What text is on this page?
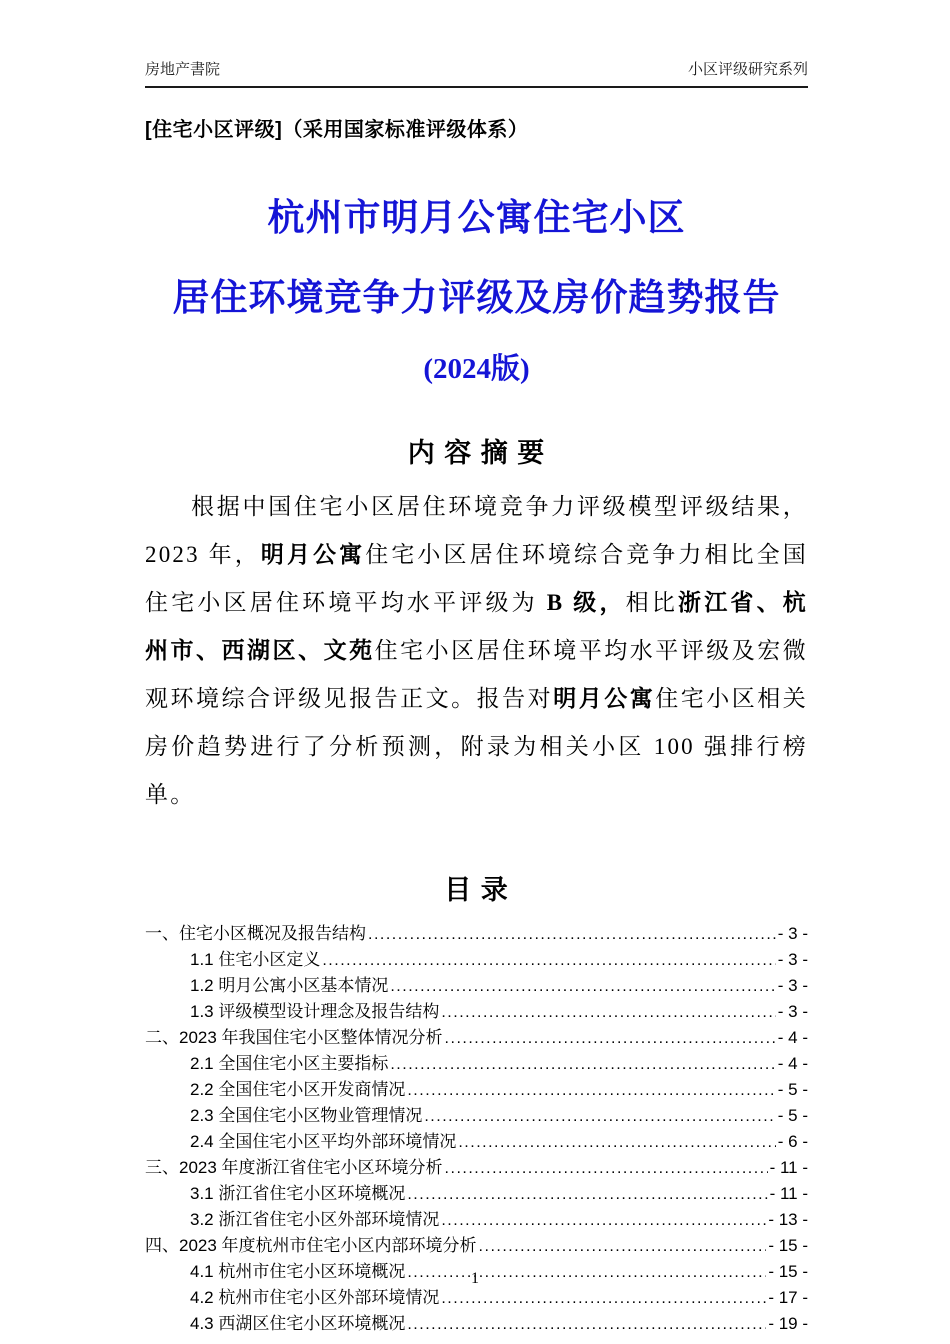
房地产書院	小区评级研究系列
[住宅小区评级]（采用国家标准评级体系）
杭州市明月公寓住宅小区
居住环境竞争力评级及房价趋势报告
(2024版)
内 容 摘 要

根据中国住宅小区居住环境竞争力评级模型评级结果，2023 年，明月公寓住宅小区居住环境综合竞争力相比全国住宅小区居住环境平均水平评级为 B 级，相比浙江省、杭州市、西湖区、文苑住宅小区居住环境平均水平评级及宏微观环境综合评级见报告正文。报告对明月公寓住宅小区相关房价趋势进行了分析预测，附录为相关小区 100 强排行榜单。

目 录
一、住宅小区概况及报告结构 .....	- 3 -
1.1 住宅小区定义 .....	- 3 -
1.2 明月公寓小区基本情况 .....	- 3 -
1.3 评级模型设计理念及报告结构 .....	- 3 -
二、2023 年我国住宅小区整体情况分析 .....	- 4 -
2.1 全国住宅小区主要指标 .....	- 4 -
2.2 全国住宅小区开发商情况 .....	- 5 -
2.3 全国住宅小区物业管理情况 .....	- 5 -
2.4 全国住宅小区平均外部环境情况 .....	- 6 -
三、2023 年度浙江省住宅小区环境分析 .....	- 11 -
3.1 浙江省住宅小区环境概况 .....	- 11 -
3.2 浙江省住宅小区外部环境情况 .....	- 13 -
四、2023 年度杭州市住宅小区内部环境分析 .....	- 15 -
4.1 杭州市住宅小区环境概况 .....	- 15 -
4.2 杭州市住宅小区外部环境情况 .....	- 17 -
4.3 西湖区住宅小区环境概况 .....	- 19 -
1
